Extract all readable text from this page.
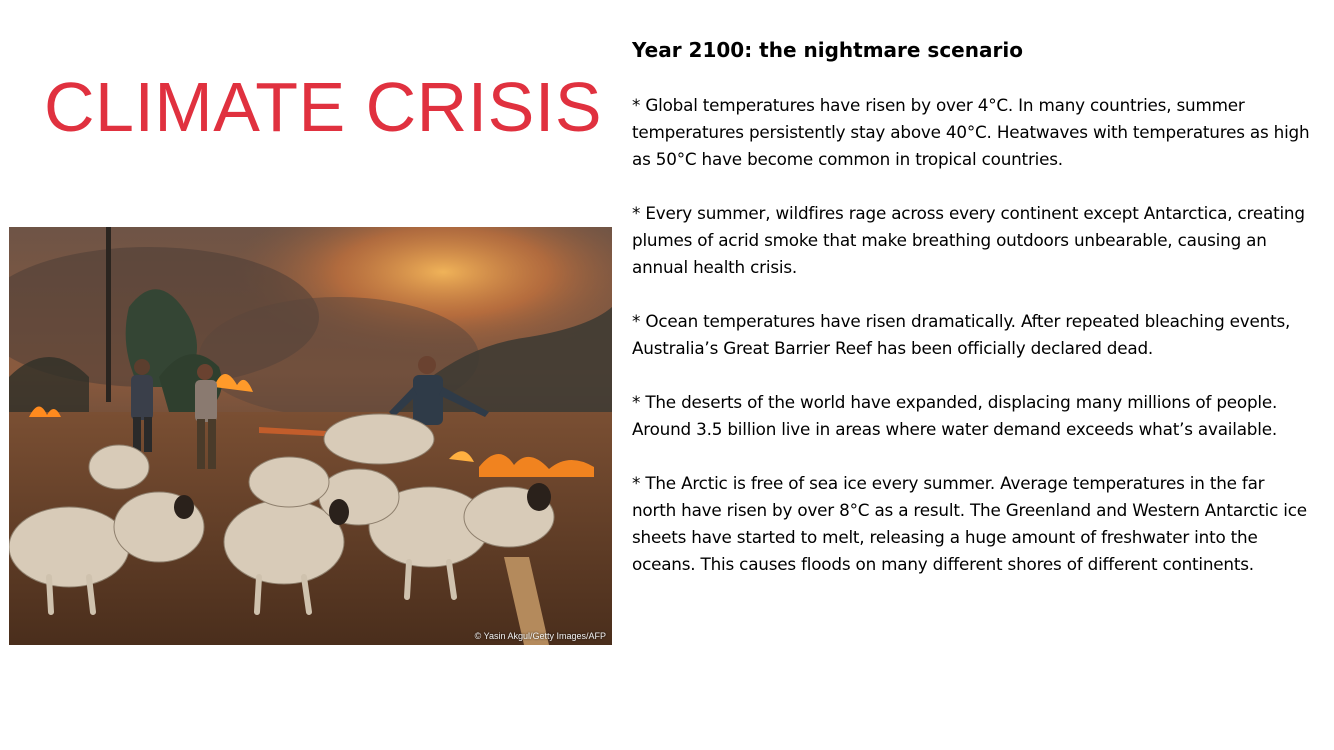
CLIMATE CRISIS
© Yasin Akgul/Getty Images/AFP
Year 2100: the nightmare scenario
* Global temperatures have risen by over 4°C. In many countries, summer temperatures persistently stay above 40°C. Heatwaves with temperatures as high as 50°C have become common in tropical countries.
* Every summer, wildfires rage across every continent except Antarctica, creating plumes of acrid smoke that make breathing outdoors unbearable, causing an annual health crisis.
* Ocean temperatures have risen dramatically. After repeated bleaching events, Australia’s Great Barrier Reef has been officially declared dead.
* The deserts of the world have expanded, displacing many millions of people. Around 3.5 billion live in areas where water demand exceeds what’s available.
* The Arctic is free of sea ice every summer. Average temperatures in the far north have risen by over 8°C as a result. The Greenland and Western Antarctic ice sheets have started to melt, releasing a huge amount of freshwater into the oceans. This causes floods on many different shores of different continents.
